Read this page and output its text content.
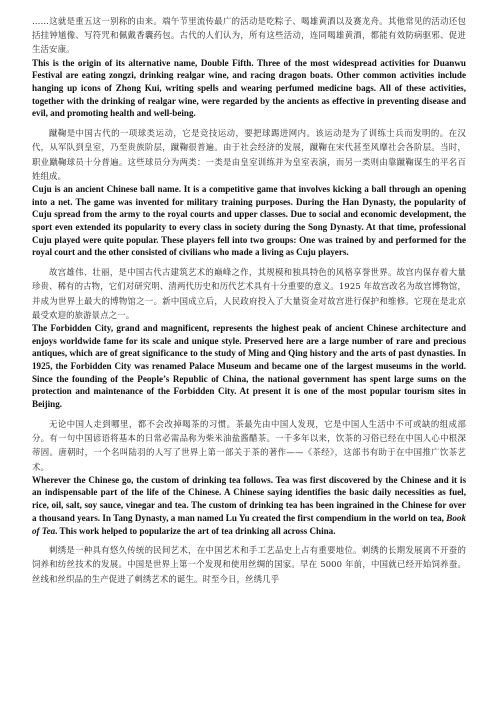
……这就是重五这一别称的由来。端午节里流传最广的活动是吃粽子、喝雄黄酒以及赛龙舟。其他常见的活动还包括挂钟馗像、写符咒和佩戴香囊药包。古代的人们认为，所有这些活动，连同喝雄黄酒，都能有效防病驱邪、促进生活安康。

This is the origin of its alternative name, Double Fifth. Three of the most widespread activities for Duanwu Festival are eating zongzi, drinking realgar wine, and racing dragon boats. Other common activities include hanging up icons of Zhong Kui, writing spells and wearing perfumed medicine bags. All of these activities, together with the drinking of realgar wine, were regarded by the ancients as effective in preventing disease and evil, and promoting health and well-being.

蹴鞠是中国古代的一项球类运动，它是竞技运动，要把球踢进网内。该运动是为了训练士兵而发明的。在汉代，从军队到皇室，乃至贵族阶层，蹴鞠很普遍。由于社会经济的发展，蹴鞠在宋代甚至风靡社会各阶层。当时，职业蹴鞠球员十分普遍。这些球员分为两类：一类是由皇室训练并为皇室表演，而另一类则由靠蹴鞠谋生的平名百姓组成。

Cuju is an ancient Chinese ball name. It is a competitive game that involves kicking a ball through an opening into a net. The game was invented for military training purposes. During the Han Dynasty, the popularity of Cuju spread from the army to the royal courts and upper classes. Due to social and economic development, the sport even extended its popularity to every class in society during the Song Dynasty. At that time, professional Cuju played were quite popular. These players fell into two groups: One was trained by and performed for the royal court and the other consisted of civilians who made a living as Cuju players.

故宫雄伟、壮丽，是中国古代古建筑艺术的巅峰之作，其规模和独具特色的风格享誉世界。故宫内保存着大量珍贵、稀有的古物，它们对研究明、清两代历史和历代艺术具有十分重要的意义。1925 年故宫改名为故宫博物馆，并成为世界上最大的博物馆之一。新中国成立后，人民政府投入了大量资金对故宫进行保护和维修。它现在是北京最受欢迎的旅游景点之一。

The Forbidden City, grand and magnificent, represents the highest peak of ancient Chinese architecture and enjoys worldwide fame for its scale and unique style. Preserved here are a large number of rare and precious antiques, which are of great significance to the study of Ming and Qing history and the arts of past dynasties. In 1925, the Forbidden City was renamed Palace Museum and became one of the largest museums in the world. Since the founding of the People’s Republic of China, the national government has spent large sums on the protection and maintenance of the Forbidden City. At present it is one of the most popular tourism sites in Beijing.

无论中国人走到哪里，都不会改掉喝茶的习惯。茶最先由中国人发现，它是中国人生活中不可或缺的组成部分。有一句中国谚语将基本的日常必需品称为柴米油盐酱醋茶。一千多年以来，饮茶的习俗已经在中国人心中根深蒂固。唐朝时，一个名叫陆羽的人写了世界上第一部关于茶的著作——《茶经》，这部书有助于在中国推广饮茶艺术。

Wherever the Chinese go, the custom of drinking tea follows. Tea was first discovered by the Chinese and it is an indispensable part of the life of the Chinese. A Chinese saying identifies the basic daily necessities as fuel, rice, oil, salt, soy sauce, vinegar and tea. The custom of drinking tea has been ingrained in the Chinese for over a thousand years. In Tang Dynasty, a man named Lu Yu created the first compendium in the world on tea, Book of Tea. This work helped to popularize the art of tea drinking all across China.

刺绣是一种具有悠久传统的民间艺术，在中国艺术和手工艺品史上占有重要地位。刺绣的长期发展离不开蚕的饲养和纺丝技术的发展。中国是世界上第一个发现和使用丝绸的国家。早在 5000 年前，中国就已经开始饲养蚕。丝线和丝织品的生产促进了刺绣艺术的诞生。时至今日，丝绣几乎
